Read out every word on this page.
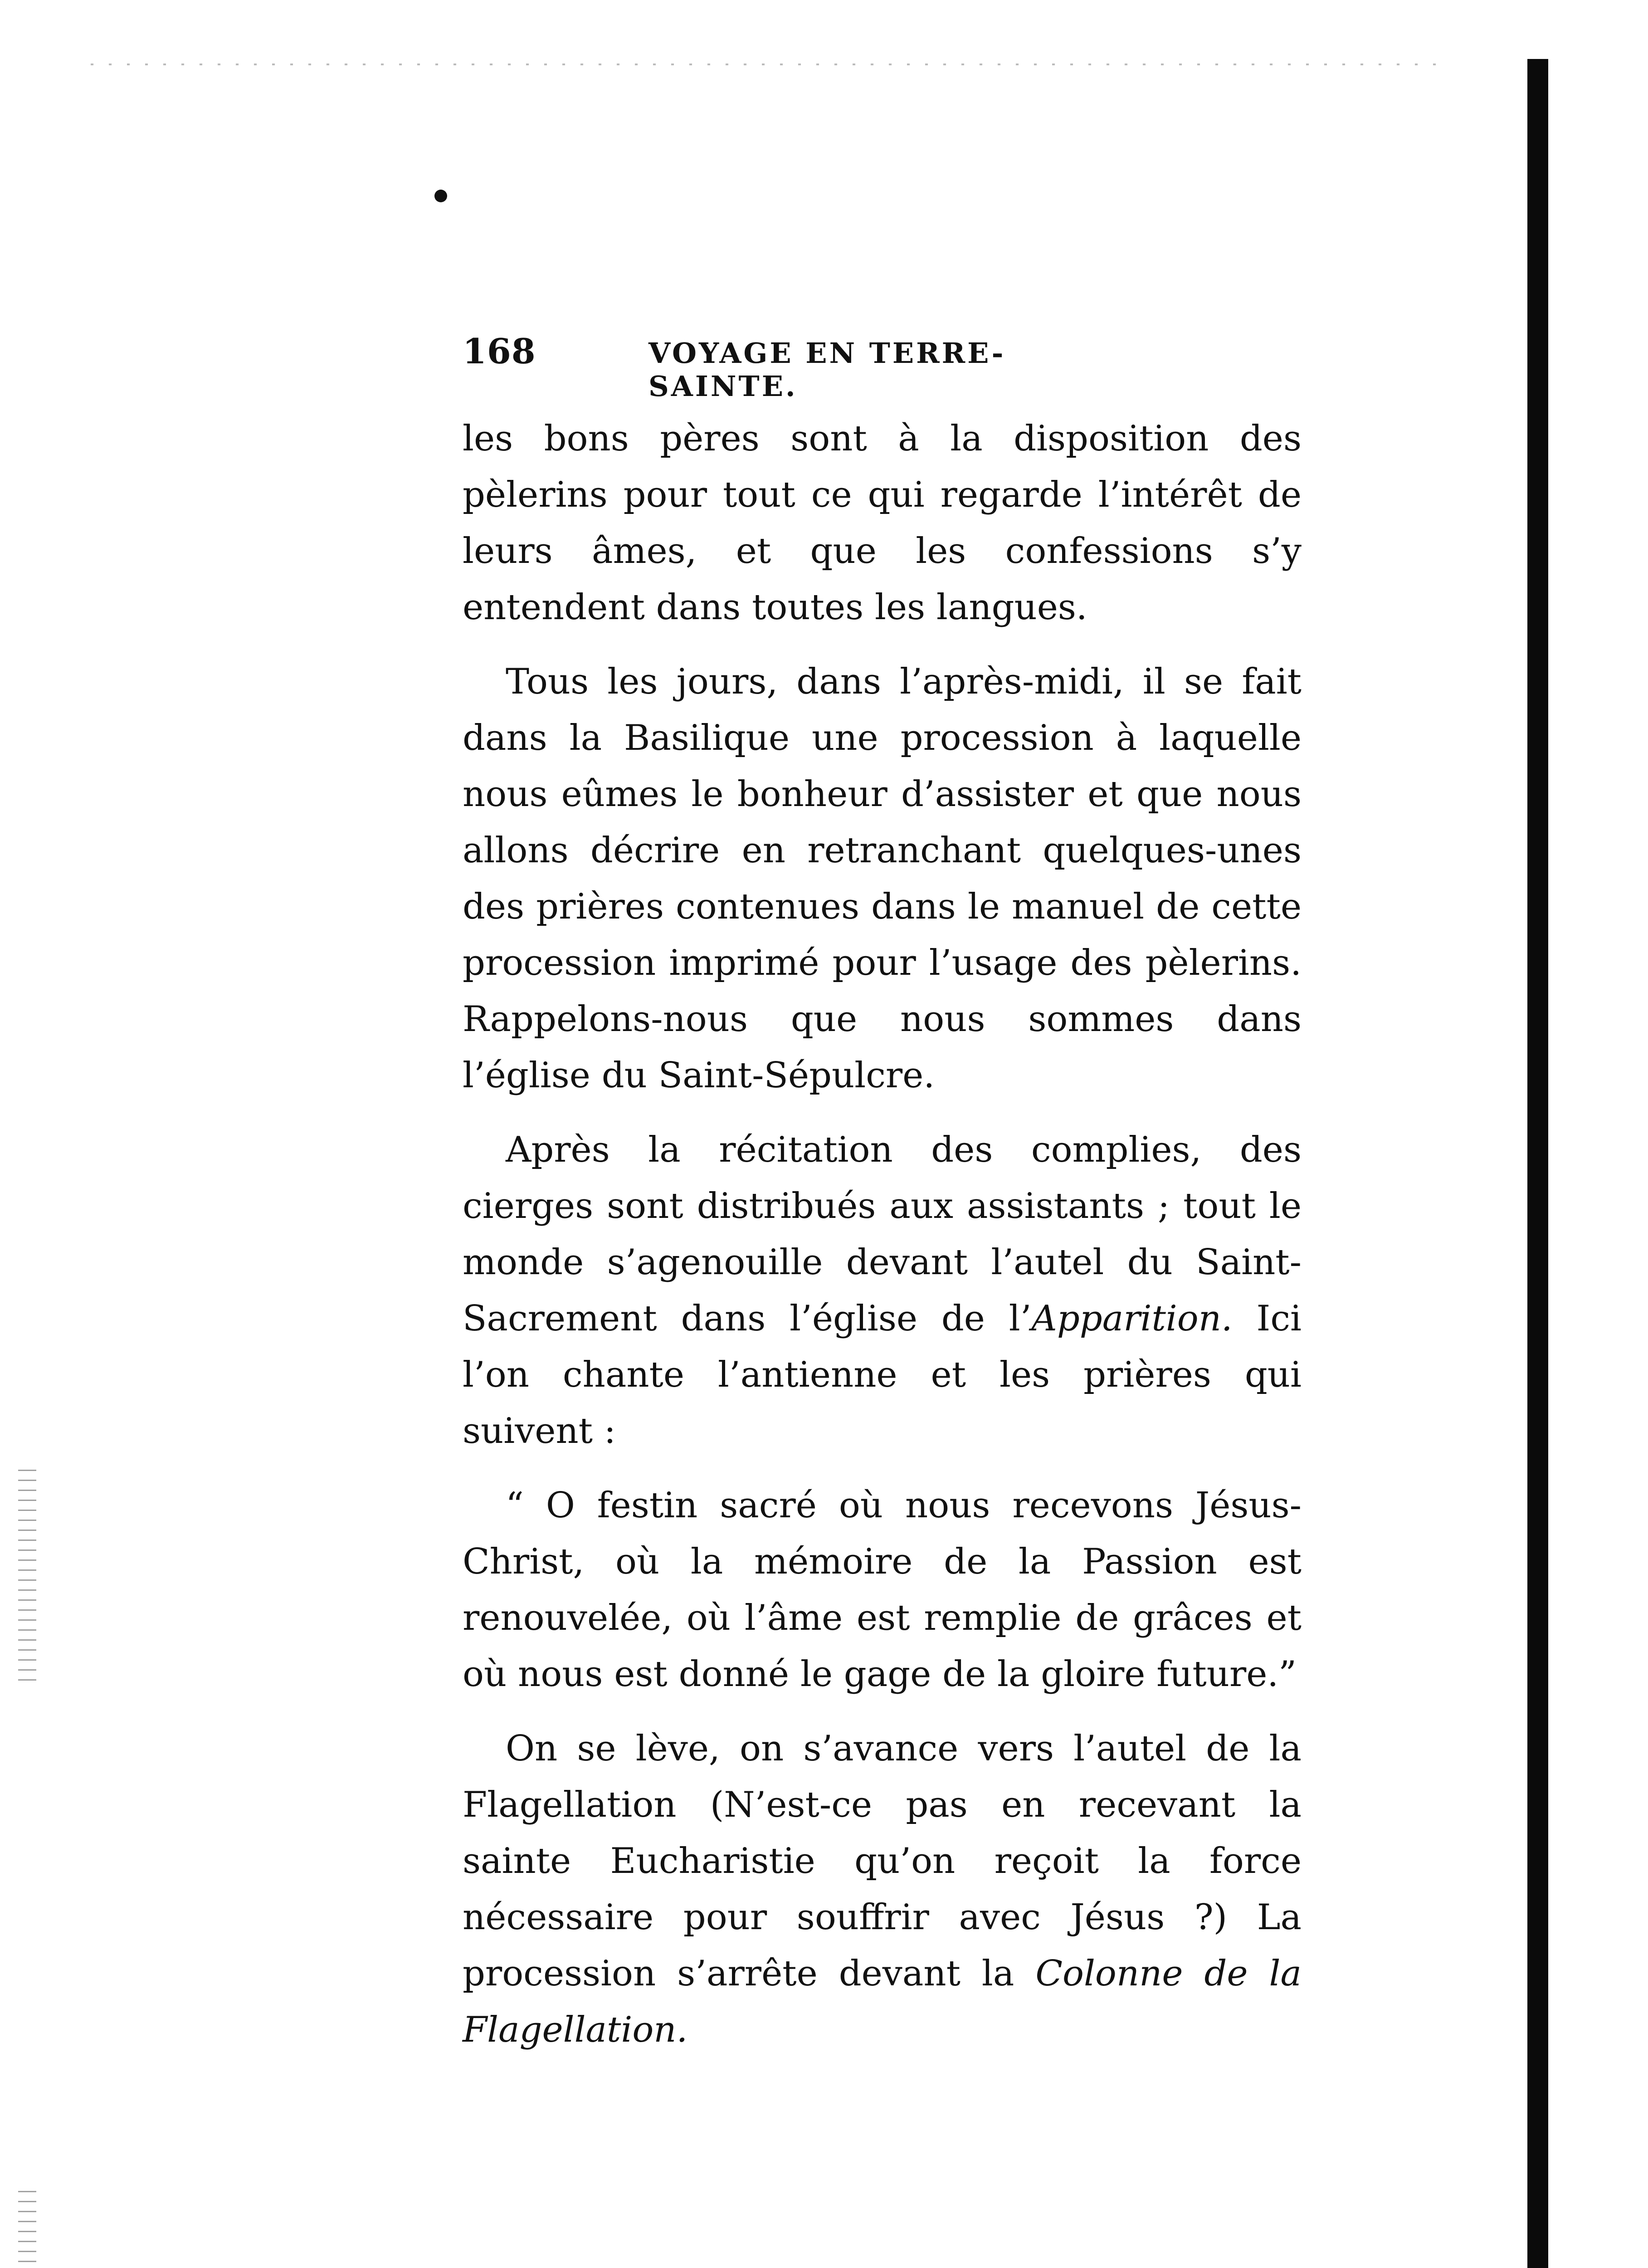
168	VOYAGE EN TERRE-SAINTE.

les bons pères sont à la disposition des pèlerins pour tout ce qui regarde l’intérêt de leurs âmes, et que les confessions s’y entendent dans toutes les langues.

Tous les jours, dans l’après-midi, il se fait dans la Basilique une procession à laquelle nous eûmes le bonheur d’assister et que nous allons décrire en retranchant quelques-unes des prières contenues dans le manuel de cette procession imprimé pour l’usage des pèlerins. Rappelons-nous que nous sommes dans l’église du Saint-Sépulcre.

Après la récitation des complies, des cierges sont distribués aux assistants ; tout le monde s’agenouille devant l’autel du Saint-Sacrement dans l’église de l’Apparition. Ici l’on chante l’antienne et les prières qui suivent :

“ O festin sacré où nous recevons Jésus-Christ, où la mémoire de la Passion est renouvelée, où l’âme est remplie de grâces et où nous est donné le gage de la gloire future.”

On se lève, on s’avance vers l’autel de la Flagellation (N’est-ce pas en recevant la sainte Eucharistie qu’on reçoit la force nécessaire pour souffrir avec Jésus ?) La procession s’arrête devant la Colonne de la Flagellation.
